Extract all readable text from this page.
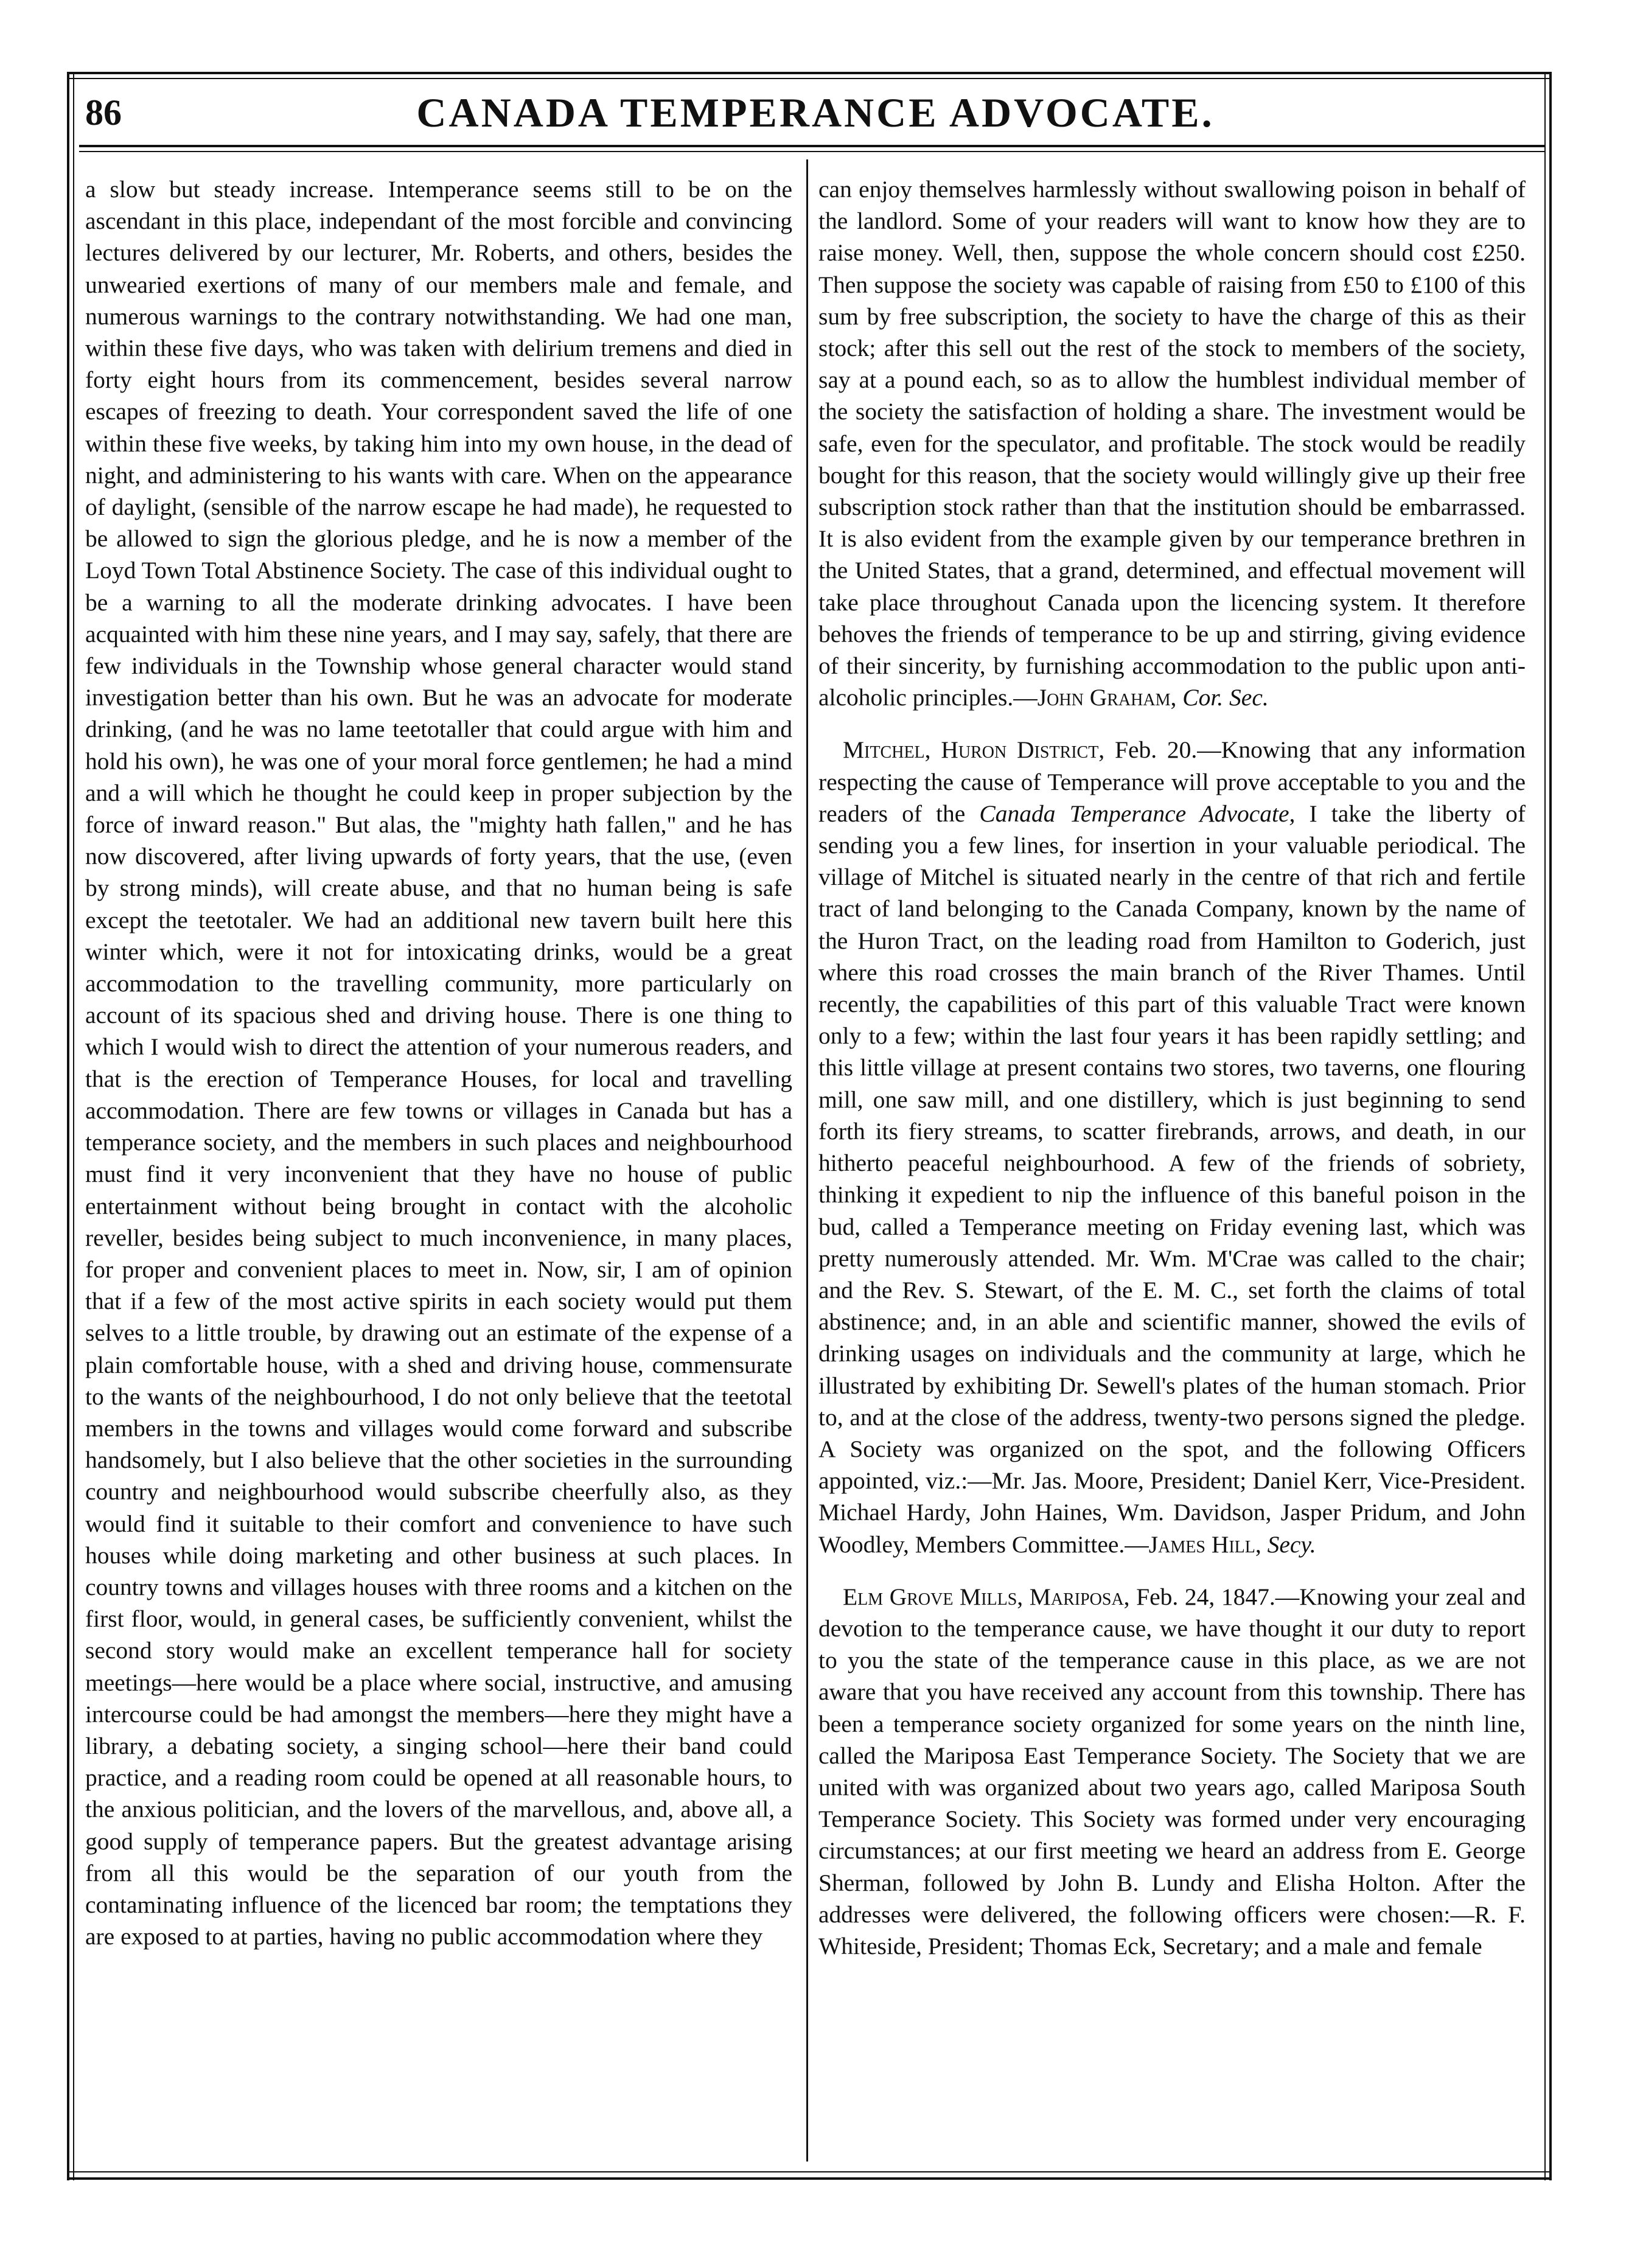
86	CANADA TEMPERANCE ADVOCATE.

a slow but steady increase. Intemperance seems still to be on the ascendant in this place, independant of the most forcible and convincing lectures delivered by our lecturer, Mr. Roberts, and others, besides the unwearied exertions of many of our members male and female, and numerous warnings to the contrary notwithstanding. We had one man, within these five days, who was taken with delirium tremens and died in forty eight hours from its commencement, besides several narrow escapes of freezing to death. Your correspondent saved the life of one within these five weeks, by taking him into my own house, in the dead of night, and administering to his wants with care. When on the appearance of daylight, (sensible of the narrow escape he had made), he requested to be allowed to sign the glorious pledge, and he is now a member of the Loyd Town Total Abstinence Society. The case of this individual ought to be a warning to all the moderate drinking advocates. I have been acquainted with him these nine years, and I may say, safely, that there are few individuals in the Township whose general character would stand investigation better than his own. But he was an advocate for moderate drinking, (and he was no lame teetotaller that could argue with him and hold his own), he was one of your moral force gentlemen; he had a mind and a will which he thought he could keep in proper subjection by the force of inward reason." But alas, the "mighty hath fallen," and he has now discovered, after living upwards of forty years, that the use, (even by strong minds), will create abuse, and that no human being is safe except the teetotaler. We had an additional new tavern built here this winter which, were it not for intoxicating drinks, would be a great accommodation to the travelling community, more particularly on account of its spacious shed and driving house. There is one thing to which I would wish to direct the attention of your numerous readers, and that is the erection of Temperance Houses, for local and travelling accommodation. There are few towns or villages in Canada but has a temperance society, and the members in such places and neighbourhood must find it very inconvenient that they have no house of public entertainment without being brought in contact with the alcoholic reveller, besides being subject to much inconvenience, in many places, for proper and convenient places to meet in. Now, sir, I am of opinion that if a few of the most active spirits in each society would put them selves to a little trouble, by drawing out an estimate of the expense of a plain comfortable house, with a shed and driving house, commensurate to the wants of the neighbourhood, I do not only believe that the teetotal members in the towns and villages would come forward and subscribe handsomely, but I also believe that the other societies in the surrounding country and neighbourhood would subscribe cheerfully also, as they would find it suitable to their comfort and convenience to have such houses while doing marketing and other business at such places. In country towns and villages houses with three rooms and a kitchen on the first floor, would, in general cases, be sufficiently convenient, whilst the second story would make an excellent temperance hall for society meetings—here would be a place where social, instructive, and amusing intercourse could be had amongst the members—here they might have a library, a debating society, a singing school—here their band could practice, and a reading room could be opened at all reasonable hours, to the anxious politician, and the lovers of the marvellous, and, above all, a good supply of temperance papers. But the greatest advantage arising from all this would be the separation of our youth from the contaminating influence of the licenced bar room; the temptations they are exposed to at parties, having no public accommodation where they

can enjoy themselves harmlessly without swallowing poison in behalf of the landlord. Some of your readers will want to know how they are to raise money. Well, then, suppose the whole concern should cost £250. Then suppose the society was capable of raising from £50 to £100 of this sum by free subscription, the society to have the charge of this as their stock; after this sell out the rest of the stock to members of the society, say at a pound each, so as to allow the humblest individual member of the society the satisfaction of holding a share. The investment would be safe, even for the speculator, and profitable. The stock would be readily bought for this reason, that the society would willingly give up their free subscription stock rather than that the institution should be embarrassed. It is also evident from the example given by our temperance brethren in the United States, that a grand, determined, and effectual movement will take place throughout Canada upon the licencing system. It therefore behoves the friends of temperance to be up and stirring, giving evidence of their sincerity, by furnishing accommodation to the public upon anti-alcoholic principles.—John Graham, Cor. Sec.

Mitchel, Huron District, Feb. 20.—Knowing that any information respecting the cause of Temperance will prove acceptable to you and the readers of the Canada Temperance Advocate, I take the liberty of sending you a few lines, for insertion in your valuable periodical. The village of Mitchel is situated nearly in the centre of that rich and fertile tract of land belonging to the Canada Company, known by the name of the Huron Tract, on the leading road from Hamilton to Goderich, just where this road crosses the main branch of the River Thames. Until recently, the capabilities of this part of this valuable Tract were known only to a few; within the last four years it has been rapidly settling; and this little village at present contains two stores, two taverns, one flouring mill, one saw mill, and one distillery, which is just beginning to send forth its fiery streams, to scatter firebrands, arrows, and death, in our hitherto peaceful neighbourhood. A few of the friends of sobriety, thinking it expedient to nip the influence of this baneful poison in the bud, called a Temperance meeting on Friday evening last, which was pretty numerously attended. Mr. Wm. M'Crae was called to the chair; and the Rev. S. Stewart, of the E. M. C., set forth the claims of total abstinence; and, in an able and scientific manner, showed the evils of drinking usages on individuals and the community at large, which he illustrated by exhibiting Dr. Sewell's plates of the human stomach. Prior to, and at the close of the address, twenty-two persons signed the pledge. A Society was organized on the spot, and the following Officers appointed, viz.:—Mr. Jas. Moore, President; Daniel Kerr, Vice-President. Michael Hardy, John Haines, Wm. Davidson, Jasper Pridum, and John Woodley, Members Committee.—James Hill, Secy.

Elm Grove Mills, Mariposa, Feb. 24, 1847.—Knowing your zeal and devotion to the temperance cause, we have thought it our duty to report to you the state of the temperance cause in this place, as we are not aware that you have received any account from this township. There has been a temperance society organized for some years on the ninth line, called the Mariposa East Temperance Society. The Society that we are united with was organized about two years ago, called Mariposa South Temperance Society. This Society was formed under very encouraging circumstances; at our first meeting we heard an address from E. George Sherman, followed by John B. Lundy and Elisha Holton. After the addresses were delivered, the following officers were chosen:—R. F. Whiteside, President; Thomas Eck, Secretary; and a male and female
